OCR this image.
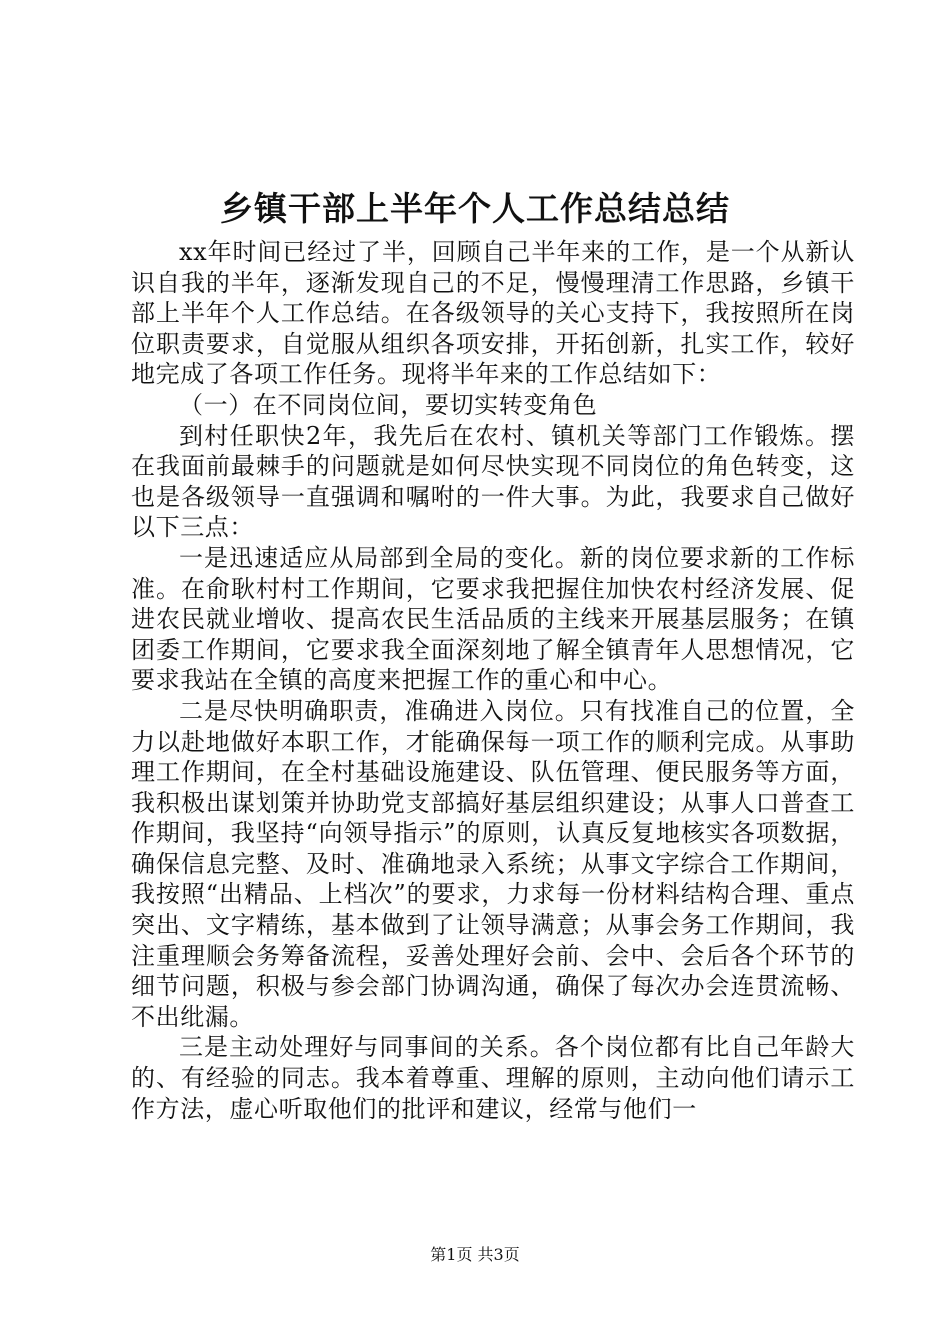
乡镇干部上半年个人工作总结总结

xx年时间已经过了半，回顾自己半年来的工作，是一个从新认识自我的半年，逐渐发现自己的不足，慢慢理清工作思路，乡镇干部上半年个人工作总结。在各级领导的关心支持下，我按照所在岗位职责要求，自觉服从组织各项安排，开拓创新，扎实工作，较好地完成了各项工作任务。现将半年来的工作总结如下：

（一）在不同岗位间，要切实转变角色

到村任职快2年，我先后在农村、镇机关等部门工作锻炼。摆在我面前最棘手的问题就是如何尽快实现不同岗位的角色转变，这也是各级领导一直强调和嘱咐的一件大事。为此，我要求自己做好以下三点：

一是迅速适应从局部到全局的变化。新的岗位要求新的工作标准。在俞耿村村工作期间，它要求我把握住加快农村经济发展、促进农民就业增收、提高农民生活品质的主线来开展基层服务；在镇团委工作期间，它要求我全面深刻地了解全镇青年人思想情况，它要求我站在全镇的高度来把握工作的重心和中心。

二是尽快明确职责，准确进入岗位。只有找准自己的位置，全力以赴地做好本职工作，才能确保每一项工作的顺利完成。从事助理工作期间，在全村基础设施建设、队伍管理、便民服务等方面，我积极出谋划策并协助党支部搞好基层组织建设；从事人口普查工作期间，我坚持“向领导指示”的原则，认真反复地核实各项数据，确保信息完整、及时、准确地录入系统；从事文字综合工作期间，我按照“出精品、上档次”的要求，力求每一份材料结构合理、重点突出、文字精练，基本做到了让领导满意；从事会务工作期间，我注重理顺会务筹备流程，妥善处理好会前、会中、会后各个环节的细节问题，积极与参会部门协调沟通，确保了每次办会连贯流畅、不出纰漏。

三是主动处理好与同事间的关系。各个岗位都有比自己年龄大的、有经验的同志。我本着尊重、理解的原则，主动向他们请示工作方法，虚心听取他们的批评和建议，经常与他们一

第1页 共3页
